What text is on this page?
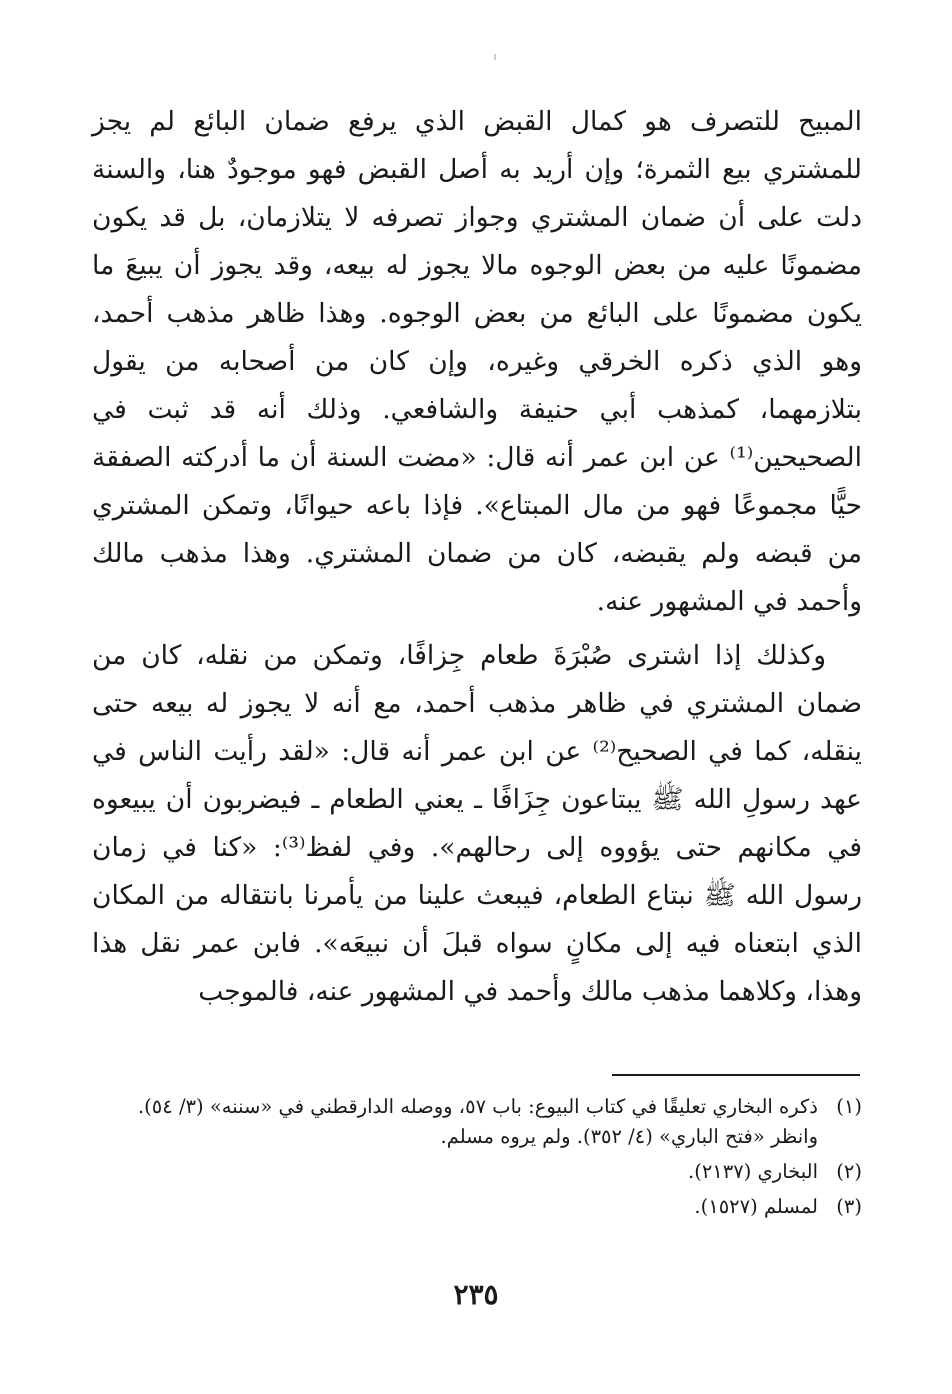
المبيح للتصرف هو كمال القبض الذي يرفع ضمان البائع لم يجز للمشتري بيع الثمرة؛ وإن أريد به أصل القبض فهو موجودٌ هنا، والسنة دلت على أن ضمان المشتري وجواز تصرفه لا يتلازمان، بل قد يكون مضمونًا عليه من بعض الوجوه مالا يجوز له بيعه، وقد يجوز أن يبيعَ ما يكون مضمونًا على البائع من بعض الوجوه. وهذا ظاهر مذهب أحمد، وهو الذي ذكره الخرقي وغيره، وإن كان من أصحابه من يقول بتلازمهما، كمذهب أبي حنيفة والشافعي. وذلك أنه قد ثبت في الصحيحين⁽¹⁾ عن ابن عمر أنه قال: «مضت السنة أن ما أدركته الصفقة حيًّا مجموعًا فهو من مال المبتاع». فإذا باعه حيوانًا، وتمكن المشتري من قبضه ولم يقبضه، كان من ضمان المشتري. وهذا مذهب مالك وأحمد في المشهور عنه.

وكذلك إذا اشترى صُبْرَةَ طعام جِزافًا، وتمكن من نقله، كان من ضمان المشتري في ظاهر مذهب أحمد، مع أنه لا يجوز له بيعه حتى ينقله، كما في الصحيح⁽²⁾ عن ابن عمر أنه قال: «لقد رأيت الناس في عهد رسولِ الله ﷺ يبتاعون جِزَافًا ـ يعني الطعام ـ فيضربون أن يبيعوه في مكانهم حتى يؤووه إلى رحالهم». وفي لفظ⁽³⁾: «كنا في زمان رسول الله ﷺ نبتاع الطعام، فيبعث علينا من يأمرنا بانتقاله من المكان الذي ابتعناه فيه إلى مكانٍ سواه قبلَ أن نبيعَه». فابن عمر نقل هذا وهذا، وكلاهما مذهب مالك وأحمد في المشهور عنه، فالموجب

(١)
ذكره البخاري تعليقًا في كتاب البيوع: باب ٥٧، ووصله الدارقطني في «سننه» (٣/ ٥٤). وانظر «فتح الباري» (٤/ ٣٥٢). ولم يروه مسلم.
(٢)
البخاري (٢١٣٧).
(٣)
لمسلم (١٥٢٧).
٢٣٥
